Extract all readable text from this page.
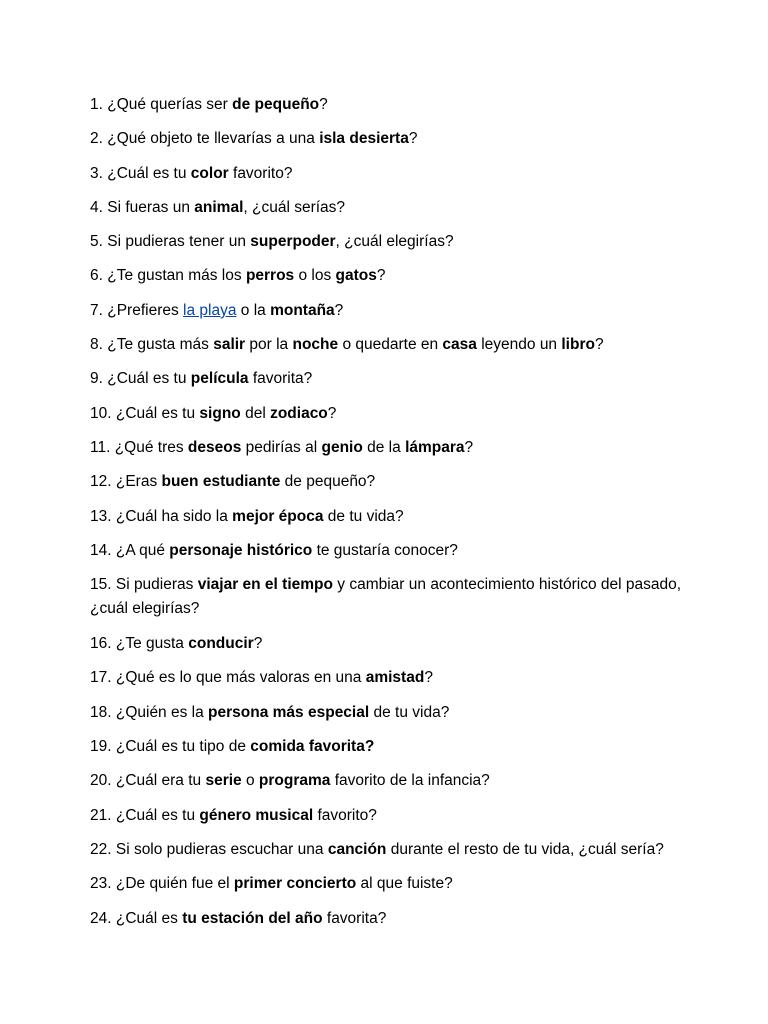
1. ¿Qué querías ser de pequeño?
2. ¿Qué objeto te llevarías a una isla desierta?
3. ¿Cuál es tu color favorito?
4. Si fueras un animal, ¿cuál serías?
5. Si pudieras tener un superpoder, ¿cuál elegirías?
6. ¿Te gustan más los perros o los gatos?
7. ¿Prefieres la playa o la montaña?
8. ¿Te gusta más salir por la noche o quedarte en casa leyendo un libro?
9. ¿Cuál es tu película favorita?
10. ¿Cuál es tu signo del zodiaco?
11. ¿Qué tres deseos pedirías al genio de la lámpara?
12. ¿Eras buen estudiante de pequeño?
13. ¿Cuál ha sido la mejor época de tu vida?
14. ¿A qué personaje histórico te gustaría conocer?
15. Si pudieras viajar en el tiempo y cambiar un acontecimiento histórico del pasado, ¿cuál elegirías?
16. ¿Te gusta conducir?
17. ¿Qué es lo que más valoras en una amistad?
18. ¿Quién es la persona más especial de tu vida?
19. ¿Cuál es tu tipo de comida favorita?
20. ¿Cuál era tu serie o programa favorito de la infancia?
21. ¿Cuál es tu género musical favorito?
22. Si solo pudieras escuchar una canción durante el resto de tu vida, ¿cuál sería?
23. ¿De quién fue el primer concierto al que fuiste?
24. ¿Cuál es tu estación del año favorita?
